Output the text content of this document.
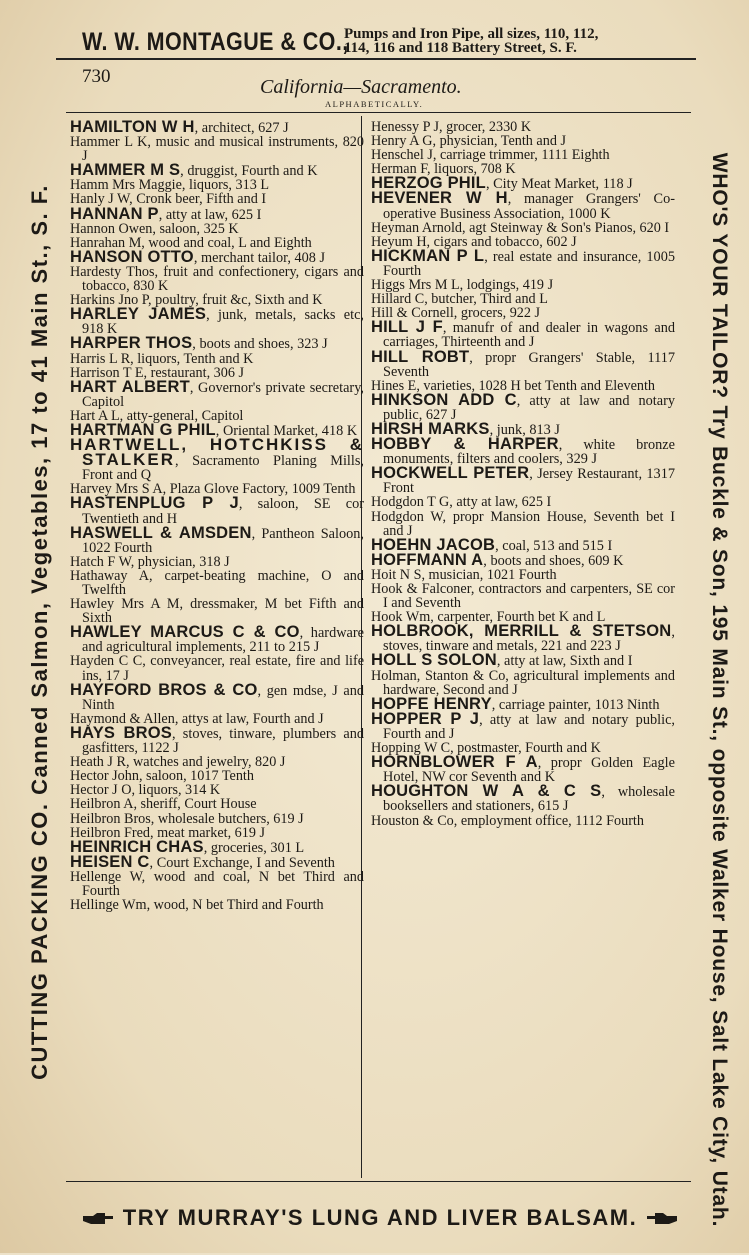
W. W. MONTAGUE & CO.,
Pumps and Iron Pipe, all sizes, 110, 112,
114, 116 and 118 Battery Street, S. F.
CUTTING PACKING CO. Canned Salmon, Vegetables, 17 to 41 Main St., S. F.	WHO'S YOUR TAILOR? Try Buckle & Son, 195 Main St., opposite Walker House, Salt Lake City, Utah.
730	California—Sacramento.
ALPHABETICALLY.

HAMILTON W H, architect, 627 J

Hammer L K, music and musical instruments, 820 J

HAMMER M S, druggist, Fourth and K

Hamm Mrs Maggie, liquors, 313 L

Hanly J W, Cronk beer, Fifth and I

HANNAN P, atty at law, 625 I

Hannon Owen, saloon, 325 K

Hanrahan M, wood and coal, L and Eighth

HANSON OTTO, merchant tailor, 408 J

Hardesty Thos, fruit and confectionery, cigars and tobacco, 830 K

Harkins Jno P, poultry, fruit &c, Sixth and K

HARLEY JAMES, junk, metals, sacks etc, 918 K

HARPER THOS, boots and shoes, 323 J

Harris L R, liquors, Tenth and K

Harrison T E, restaurant, 306 J

HART ALBERT, Governor's private secretary, Capitol

Hart A L, atty-general, Capitol

HARTMAN G PHIL, Oriental Market, 418 K

HARTWELL, HOTCHKISS & STALKER, Sacramento Planing Mills, Front and Q

Harvey Mrs S A, Plaza Glove Factory, 1009 Tenth

HASTENPLUG P J, saloon, SE cor Twentieth and H

HASWELL & AMSDEN, Pantheon Saloon, 1022 Fourth

Hatch F W, physician, 318 J

Hathaway A, carpet-beating machine, O and Twelfth

Hawley Mrs A M, dressmaker, M bet Fifth and Sixth

HAWLEY MARCUS C & CO, hardware and agricultural implements, 211 to 215 J

Hayden C C, conveyancer, real estate, fire and life ins, 17 J

HAYFORD BROS & CO, gen mdse, J and Ninth

Haymond & Allen, attys at law, Fourth and J

HAYS BROS, stoves, tinware, plumbers and gasfitters, 1122 J

Heath J R, watches and jewelry, 820 J

Hector John, saloon, 1017 Tenth

Hector J O, liquors, 314 K

Heilbron A, sheriff, Court House

Heilbron Bros, wholesale butchers, 619 J

Heilbron Fred, meat market, 619 J

HEINRICH CHAS, groceries, 301 L

HEISEN C, Court Exchange, I and Seventh

Hellenge W, wood and coal, N bet Third and Fourth

Hellinge Wm, wood, N bet Third and Fourth

Henessy P J, grocer, 2330 K

Henry A G, physician, Tenth and J

Henschel J, carriage trimmer, 1111 Eighth

Herman F, liquors, 708 K

HERZOG PHIL, City Meat Market, 118 J

HEVENER W H, manager Grangers' Co-operative Business Association, 1000 K

Heyman Arnold, agt Steinway & Son's Pianos, 620 I

Heyum H, cigars and tobacco, 602 J

HICKMAN P L, real estate and insurance, 1005 Fourth

Higgs Mrs M L, lodgings, 419 J

Hillard C, butcher, Third and L

Hill & Cornell, grocers, 922 J

HILL J F, manufr of and dealer in wagons and carriages, Thirteenth and J

HILL ROBT, propr Grangers' Stable, 1117 Seventh

Hines E, varieties, 1028 H bet Tenth and Eleventh

HINKSON ADD C, atty at law and notary public, 627 J

HIRSH MARKS, junk, 813 J

HOBBY & HARPER, white bronze monuments, filters and coolers, 329 J

HOCKWELL PETER, Jersey Restaurant, 1317 Front

Hodgdon T G, atty at law, 625 I

Hodgdon W, propr Mansion House, Seventh bet I and J

HOEHN JACOB, coal, 513 and 515 I

HOFFMANN A, boots and shoes, 609 K

Hoit N S, musician, 1021 Fourth

Hook & Falconer, contractors and carpenters, SE cor I and Seventh

Hook Wm, carpenter, Fourth bet K and L

HOLBROOK, MERRILL & STETSON, stoves, tinware and metals, 221 and 223 J

HOLL S SOLON, atty at law, Sixth and I

Holman, Stanton & Co, agricultural implements and hardware, Second and J

HOPFE HENRY, carriage painter, 1013 Ninth

HOPPER P J, atty at law and notary public, Fourth and J

Hopping W C, postmaster, Fourth and K

HORNBLOWER F A, propr Golden Eagle Hotel, NW cor Seventh and K

HOUGHTON W A & C S, wholesale booksellers and stationers, 615 J

Houston & Co, employment office, 1112 Fourth

TRY MURRAY'S LUNG AND LIVER BALSAM.
